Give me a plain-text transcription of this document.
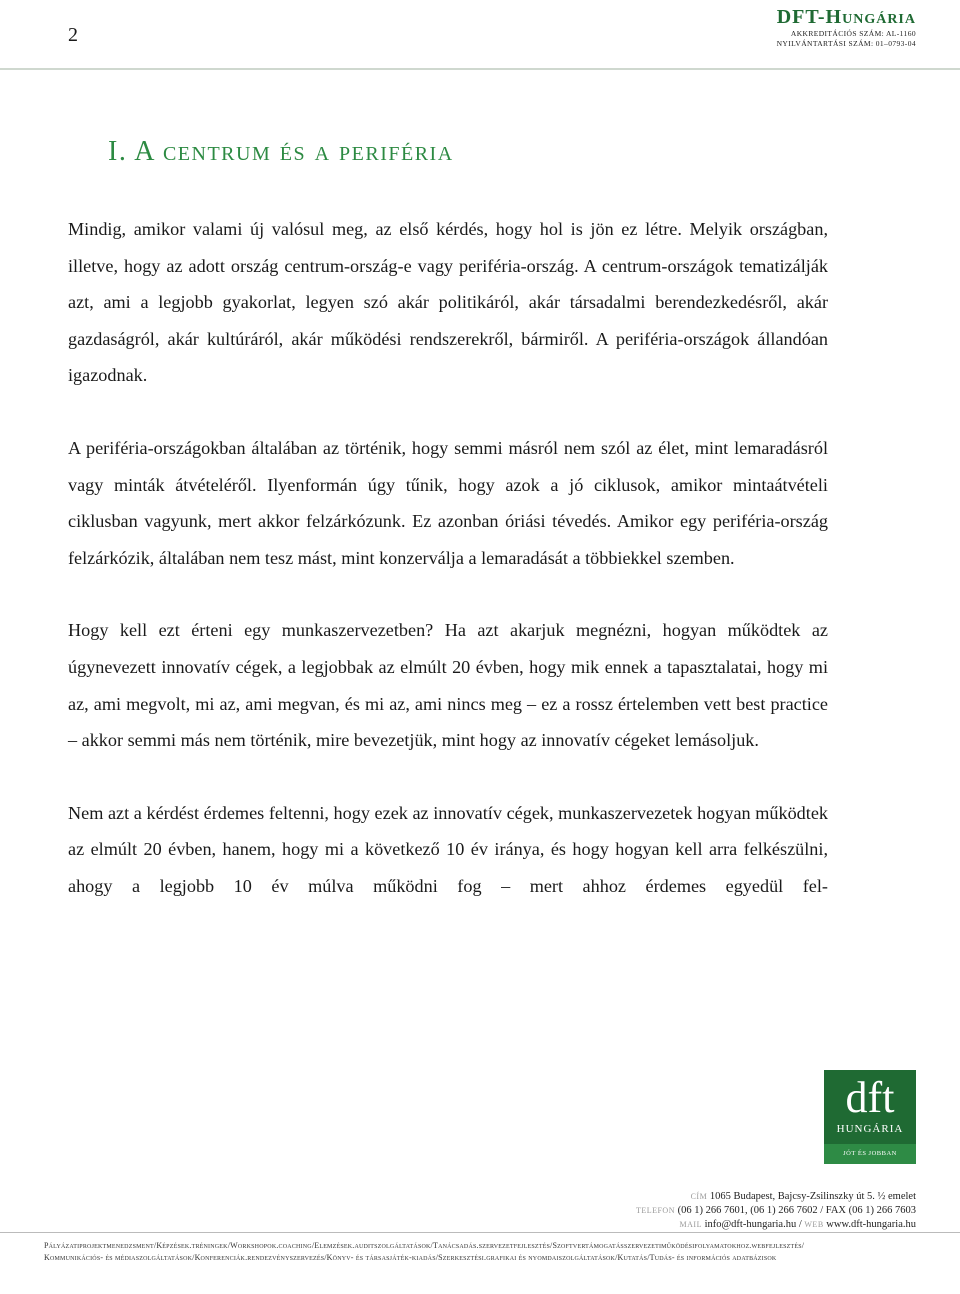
2
DFT-Hungária
AKKREDITÁCIÓS SZÁM: AL-1160
NYILVÁNTARTÁSI SZÁM: 01–0793-04
I. A centrum és a periféria

Mindig, amikor valami új valósul meg, az első kérdés, hogy hol is jön ez létre. Melyik országban, illetve, hogy az adott ország centrum-ország-e vagy periféria-ország. A centrum-országok tematizálják azt, ami a legjobb gyakorlat, legyen szó akár politikáról, akár társadalmi berendezkedésről, akár gazdaságról, akár kultúráról, akár működési rendszerekről, bármiről. A periféria-országok állandóan igazodnak.

A periféria-országokban általában az történik, hogy semmi másról nem szól az élet, mint lemaradásról vagy minták átvételéről. Ilyenformán úgy tűnik, hogy azok a jó ciklusok, amikor mintaátvételi ciklusban vagyunk, mert akkor felzárkózunk. Ez azonban óriási tévedés. Amikor egy periféria-ország felzárkózik, általában nem tesz mást, mint konzerválja a lemaradását a többiekkel szemben.

Hogy kell ezt érteni egy munkaszervezetben? Ha azt akarjuk megnézni, hogyan működtek az úgynevezett innovatív cégek, a legjobbak az elmúlt 20 évben, hogy mik ennek a tapasztalatai, hogy mi az, ami megvolt, mi az, ami megvan, és mi az, ami nincs meg – ez a rossz értelemben vett best practice – akkor semmi más nem történik, mire bevezetjük, mint hogy az innovatív cégeket lemásoljuk.

Nem azt a kérdést érdemes feltenni, hogy ezek az innovatív cégek, munkaszervezetek hogyan működtek az elmúlt 20 évben, hanem, hogy mi a következő 10 év iránya, és hogy hogyan kell arra felkészülni, ahogy a legjobb 10 év múlva működni fog – mert ahhoz érdemes egyedül fel-

dft
HUNGÁRIA
JÓT ÉS JOBBAN
CÍM 1065 Budapest, Bajcsy-Zsilinszky út 5. ½ emelet
TELEFON (06 1) 266 7601, (06 1) 266 7602 / FAX (06 1) 266 7603
MAIL info@dft-hungaria.hu / WEB www.dft-hungaria.hu
Pályázatiprojektmenedzsment/Képzések.tréningek/Workshopok.coaching/Elemzések.auditszolgáltatások/Tanácsadás.szervezetfejlesztés/Szoftvertámogatásszervezetiműködésifolyamatokhoz.webfejlesztés/
Kommunikációs- és médiaszolgáltatások/Konferenciák.rendezvényszervezés/Könyv- és társasjáték-kiadás/Szerkesztési.grafikai és nyomdaiszolgáltatások/Kutatás/Tudás- és információs adatbázisok
